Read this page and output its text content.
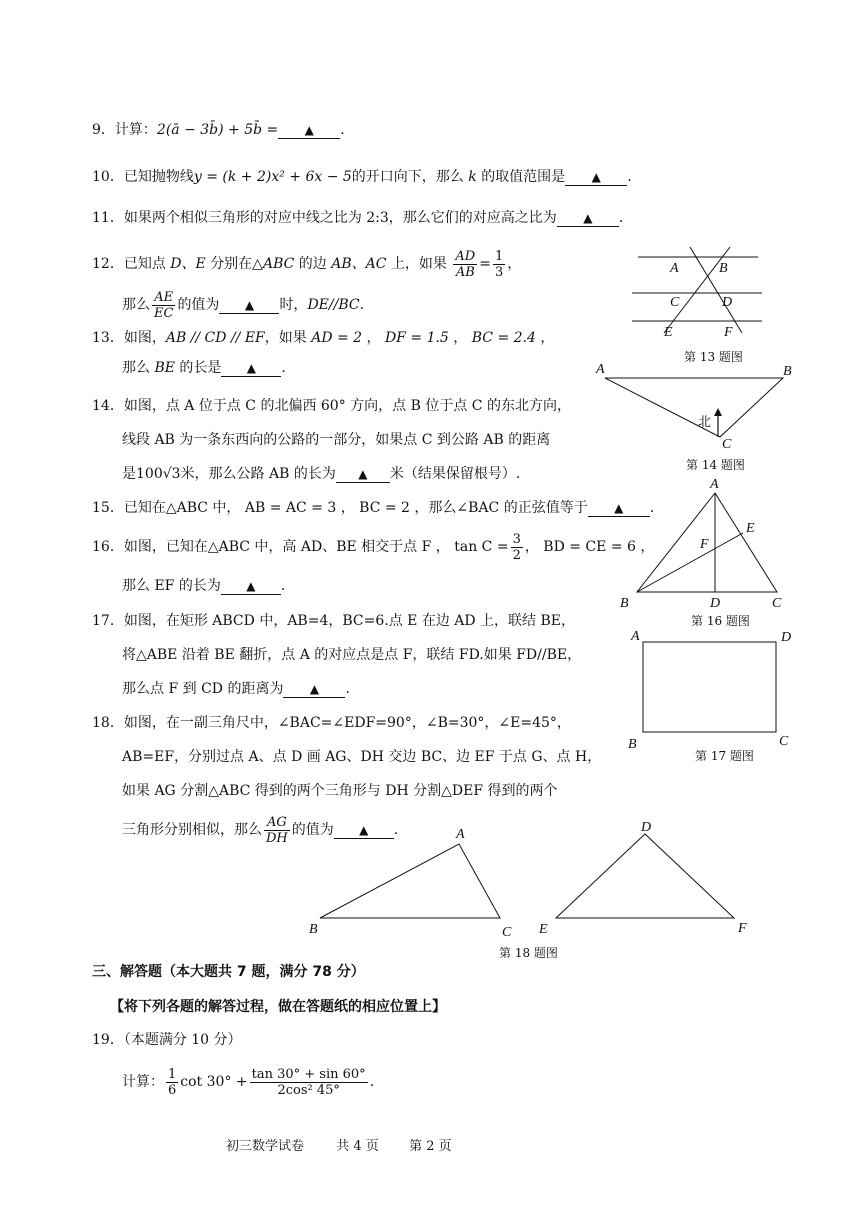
9．计算：2(ā − 3b̄) + 5b̄ = ▲ .
10．已知抛物线y = (k + 2)x² + 6x − 5的开口向下，那么 k 的取值范围是 ▲ .
11．如果两个相似三角形的对应中线之比为 2:3，那么它们的对应高之比为 ▲ .
12．已知点 D、E 分别在△ABC 的边 AB、AC 上，如果 $\frac{AD}{AB} = \frac{1}{3}$ ，
那么 $\frac{AE}{EC}$ 的值为 ▲ 时，DE//BC.
13．如图，AB // CD // EF，如果 AD = 2 ， DF = 1.5 ， BC = 2.4 ，
那么 BE 的长是 ▲ .
14．如图，点 A 位于点 C 的北偏西 60° 方向，点 B 位于点 C 的东北方向，
线段 AB 为一条东西向的公路的一部分，如果点 C 到公路 AB 的距离
是100√3米，那么公路 AB 的长为 ▲ 米（结果保留根号）.
15．已知在△ABC 中， AB = AC = 3 ， BC = 2 ，那么∠BAC 的正弦值等于 ▲ .
16．如图，已知在△ABC 中，高 AD、BE 相交于点 F ， $\tan C = \frac{3}{2}$ ， BD = CE = 6 ，
那么 EF 的长为 ▲ .
17．如图，在矩形 ABCD 中，AB=4，BC=6.点 E 在边 AD 上，联结 BE，
将△ABE 沿着 BE 翻折，点 A 的对应点是点 F，联结 FD.如果 FD//BE，
那么点 F 到 CD 的距离为 ▲ .
18．如图，在一副三角尺中，∠BAC=∠EDF=90°，∠B=30°，∠E=45°，
AB=EF，分别过点 A、点 D 画 AG、DH 交边 BC、边 EF 于点 G、点 H，
如果 AG 分割△ABC 得到的两个三角形与 DH 分割△DEF 得到的两个
三角形分别相似，那么 $\frac{AG}{DH}$ 的值为 ▲ .
三、解答题（本大题共 7 题，满分 78 分）
【将下列各题的解答过程，做在答题纸的相应位置上】
19．（本题满分 10 分）
计算： $\frac{1}{6}$ $\cot 30^\circ + \frac{\tan 30^\circ + \sin 60^\circ}{\text{2cos² 45°}}$ .
初三数学试卷 共 4 页 第 2 页
A	B
C	D
E	F
A	B
C
北
A
E
F
B	D	C
A	D
B	C
A
B	C
D
E	F
第 13 题图
第 14 题图
第 16 题图
第 17 题图
第 18 题图
